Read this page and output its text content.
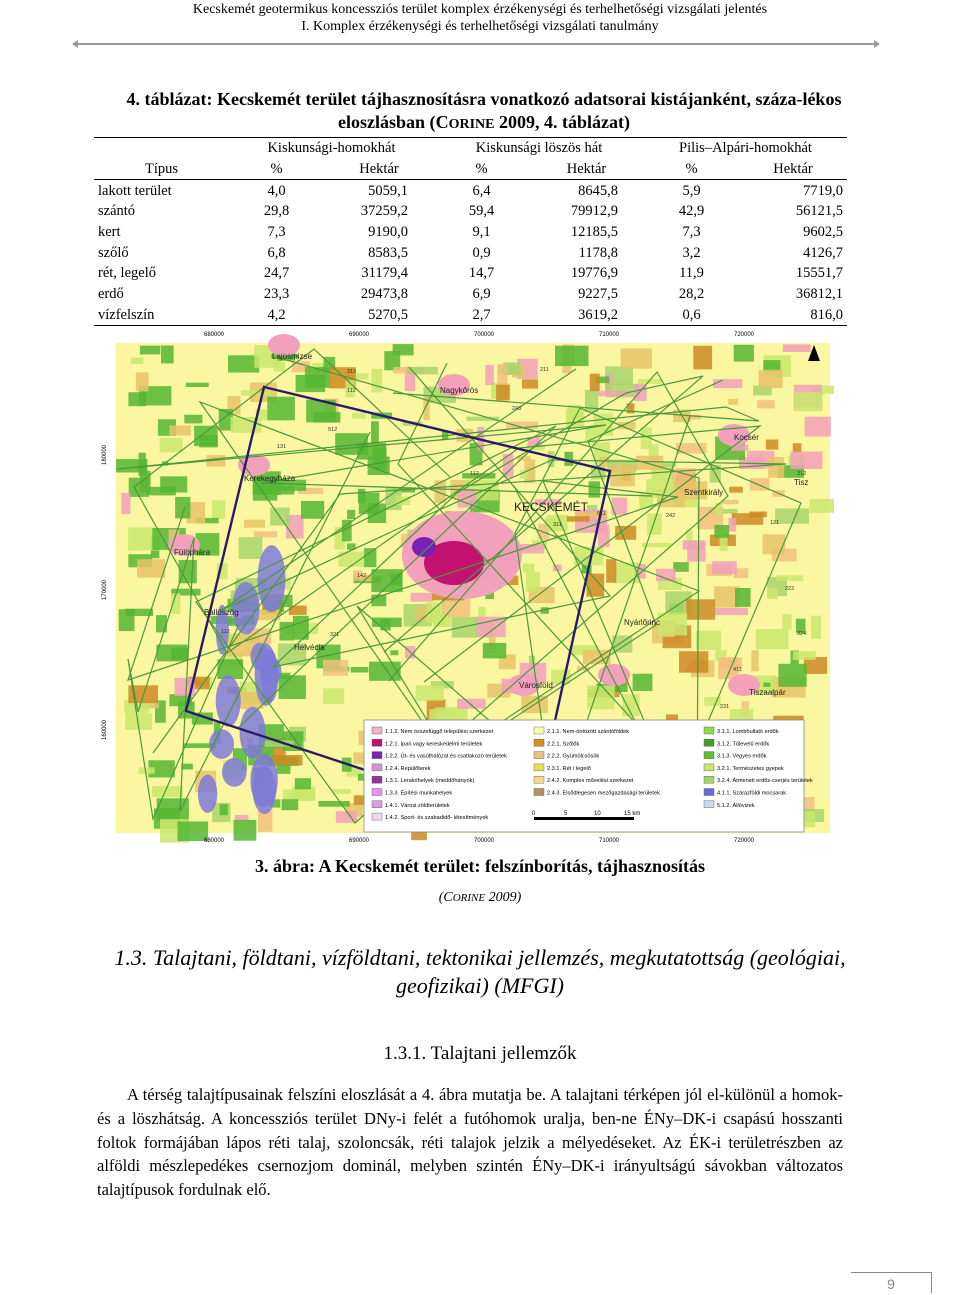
Kecskemét geotermikus koncessziós terület komplex érzékenységi és terhelhetőségi vizsgálati jelentés
I. Komplex érzékenységi és terhelhetőségi vizsgálati tanulmány
4. táblázat: Kecskemét terület tájhasznosításra vonatkozó adatsorai kistájanként, száza-lékos eloszlásban (CORINE 2009, 4. táblázat)
	Kiskunsági-homokhát		Kiskunsági löszös hát		Pilis–Alpári-homokhát	
Típus	%	Hektár	%	Hektár	%	Hektár
lakott terület	4,0	5059,1	6,4	8645,8	5,9	7719,0
szántó	29,8	37259,2	59,4	79912,9	42,9	56121,5
kert	7,3	9190,0	9,1	12185,5	7,3	9602,5
szőlő	6,8	8583,5	0,9	1178,8	3,2	4126,7
rét, legelő	24,7	31179,4	14,7	19776,9	11,9	15551,7
erdő	23,3	29473,8	6,9	9227,5	28,2	36812,1
vízfelszín	4,2	5270,5	2,7	3619,2	0,6	816,0
680000	690000	700000	710000	720000
680000	690000	700000	710000	720000
180000
170000
160000
Lajosmizse
Nagykőrös
Kocsér
Kerekegyháza
KECSKEMÉT
Szentkirály
Tisz
Fülöphára
Ballószög
Helvécia
Nyárlőrinc
Városföld
Tiszaalpár
112
121
112
112
211
222
231
242
243
311
312
313
321	324
411
511
512
142
131
1.1.2. Nem összefüggő települési szerkezet
1.2.1. Ipari vagy kereskedelmi területek
1.2.2. Út- és vasúthálózat és csatlakozó területek
1.2.4. Repülőterek
1.3.1. Lerakóhelyek (meddőhányók)
1.3.3. Építési munkahelyek
1.4.1. Városi zöldterületek
1.4.2. Sport- és szabadidő- létesítmények
2.1.1. Nem-öntözött szántóföldek
2.2.1. Szőlők
2.2.2. Gyümölcsösök
2.3.1. Rét / legelő
2.4.2. Komplex művelési szerkezet
2.4.3. Elsődlegesen mezőgazdasági területek
3.1.1. Lombhullató erdők
3.1.2. Tűlevelű erdők
3.1.3. Vegyes erdők
3.2.1. Természetes gyepek
3.2.4. Átmeneti erdős-cserjés területek
4.1.1. Szárazföldi mocsarak
5.1.2. Állóvizek
0	5	10	15 km
3. ábra: A Kecskemét terület: felszínborítás, tájhasznosítás
(CORINE 2009)
1.3. Talajtani, földtani, vízföldtani, tektonikai jellemzés, megkutatottság (geológiai, geofizikai) (MFGI)
1.3.1. Talajtani jellemzők

A térség talajtípusainak felszíni eloszlását a 4. ábra mutatja be. A talajtani térképen jól el-különül a homok- és a löszhátság. A koncessziós terület DNy-i felét a futóhomok uralja, ben-ne ÉNy–DK-i csapású hosszanti foltok formájában lápos réti talaj, szoloncsák, réti talajok jelzik a mélyedéseket. Az ÉK-i területrészben az alföldi mészlepedékes csernozjom dominál, melyben szintén ÉNy–DK-i irányultságú sávokban változatos talajtípusok fordulnak elő.

9
